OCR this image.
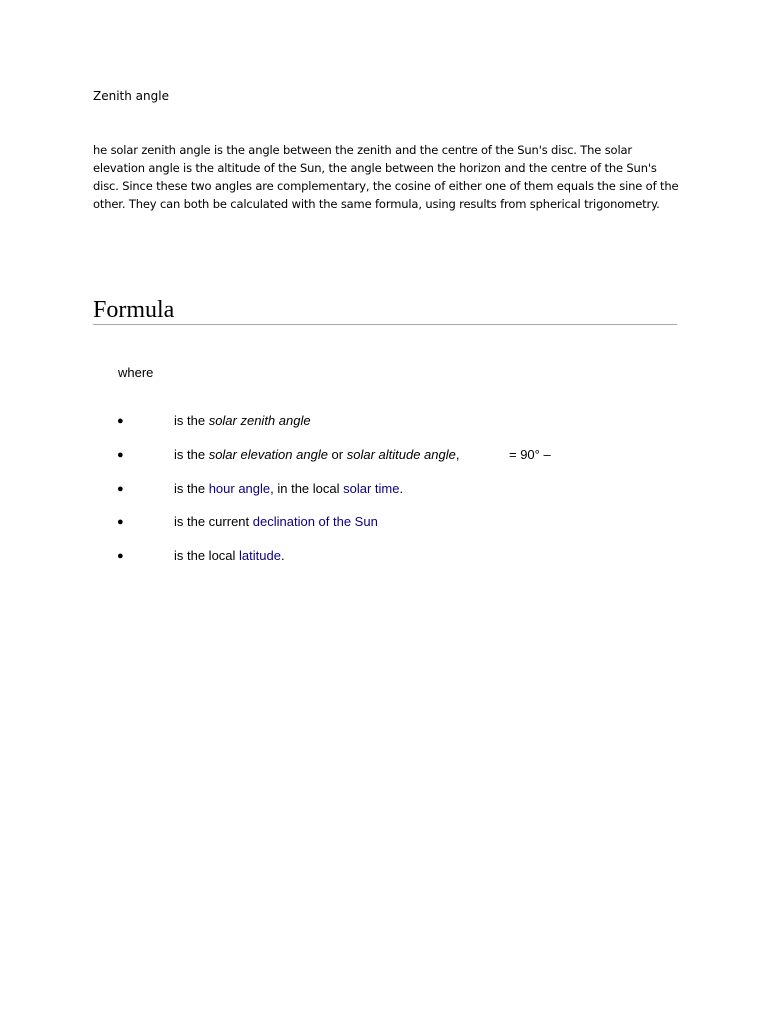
Zenith angle
he solar zenith angle is the angle between the zenith and the centre of the Sun's disc. The solar elevation angle is the altitude of the Sun, the angle between the horizon and the centre of the Sun's disc. Since these two angles are complementary, the cosine of either one of them equals the sine of the other. They can both be calculated with the same formula, using results from spherical trigonometry.
Formula
where
●	is the solar zenith angle
●	is the solar elevation angle or solar altitude angle,	= 90° –
●	is the hour angle, in the local solar time.
●	is the current declination of the Sun
●	is the local latitude.
